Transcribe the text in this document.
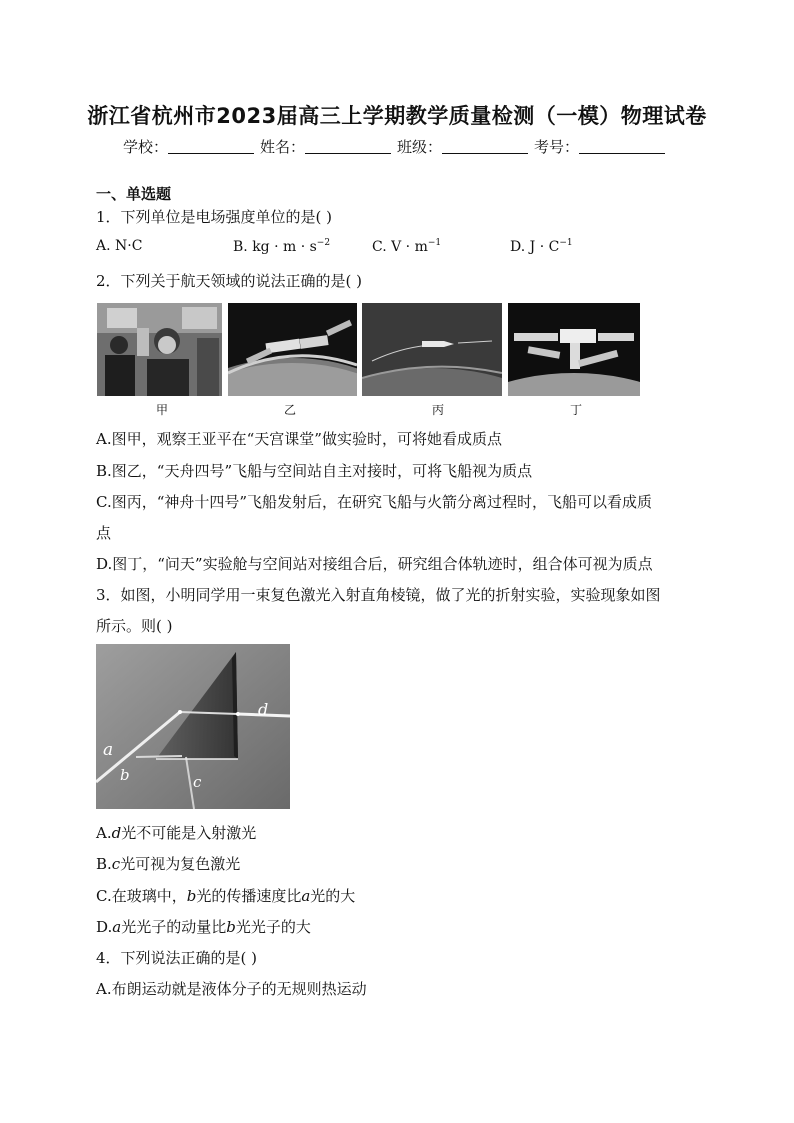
浙江省杭州市2023届高三上学期教学质量检测（一模）物理试卷
学校：	姓名：	班级：	考号：
一、单选题
1．下列单位是电场强度单位的是( )
A. N·C	B. kg · $m \cdot s^{-2}$	C. $V \cdot m^{-1}$	D. $J \cdot C^{-1}$
2．下列关于航天领域的说法正确的是( )
甲	乙	丙	丁
A.图甲，观察王亚平在“天宫课堂”做实验时，可将她看成质点
B.图乙，“天舟四号”飞船与空间站自主对接时，可将飞船视为质点
C.图丙，“神舟十四号”飞船发射后，在研究飞船与火箭分离过程时，飞船可以看成质
点
D.图丁，“问天”实验舱与空间站对接组合后，研究组合体轨迹时，组合体可视为质点
3．如图，小明同学用一束复色激光入射直角棱镜，做了光的折射实验，实验现象如图
所示。则( )
a
b	c
d
A.d光不可能是入射激光
B.c光可视为复色激光
C.在玻璃中，b光的传播速度比a光的大
D.a光光子的动量比b光光子的大
4．下列说法正确的是( )
A.布朗运动就是液体分子的无规则热运动
